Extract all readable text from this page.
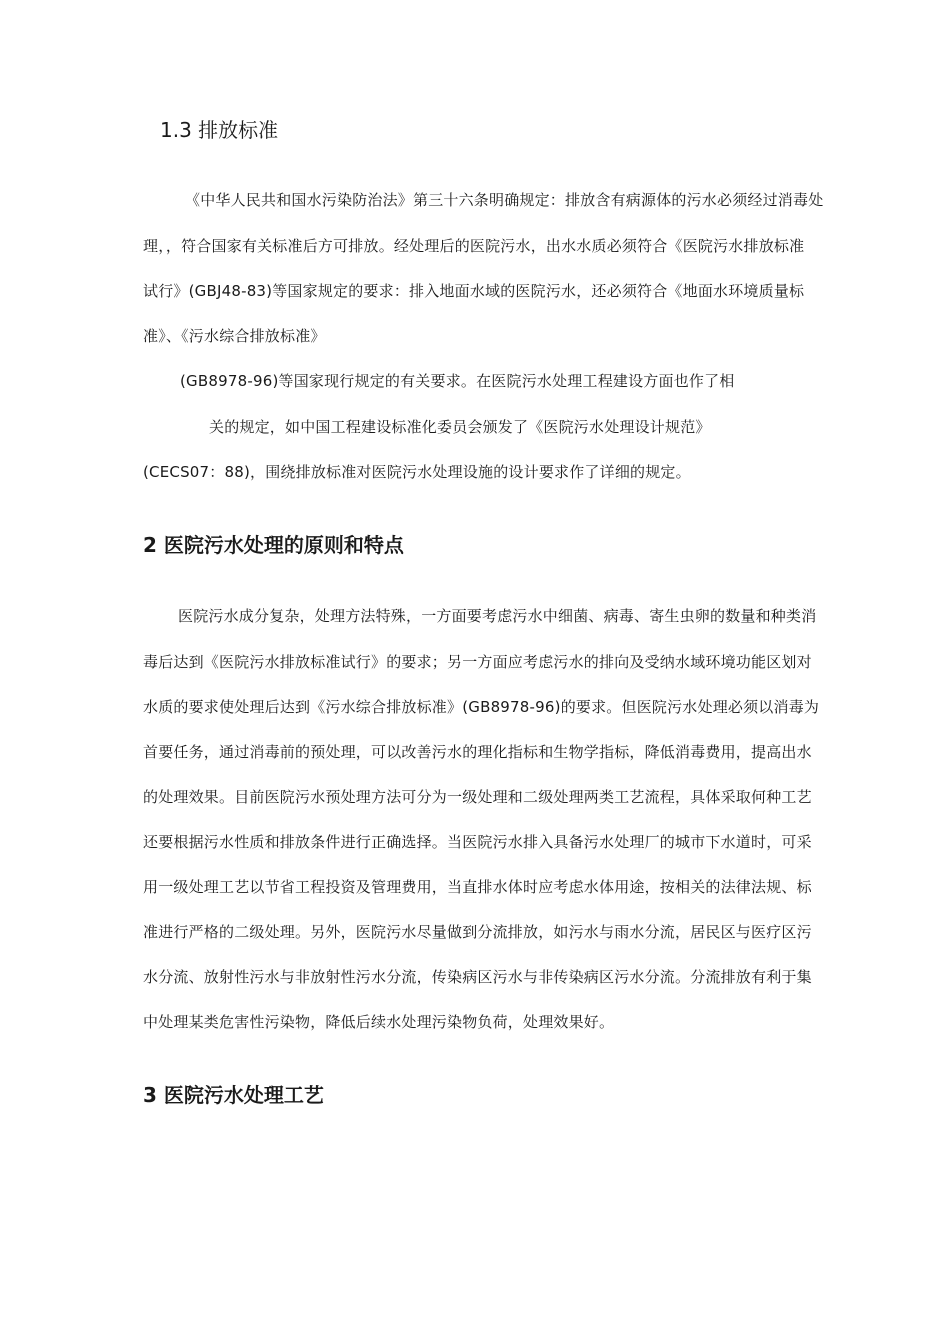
1.3 排放标准
《中华人民共和国水污染防治法》第三十六条明确规定：排放含有病源体的污水必须经过消毒处
理，，符合国家有关标准后方可排放。经处理后的医院污水，出水水质必须符合《医院污水排放标准
试行》(GBJ48-83)等国家规定的要求：排入地面水域的医院污水，还必须符合《地面水环境质量标
准》、《污水综合排放标准》
(GB8978-96)等国家现行规定的有关要求。在医院污水处理工程建设方面也作了相
关的规定，如中国工程建设标准化委员会颁发了《医院污水处理设计规范》
(CECS07：88)，围绕排放标准对医院污水处理设施的设计要求作了详细的规定。
2 医院污水处理的原则和特点
医院污水成分复杂，处理方法特殊，一方面要考虑污水中细菌、病毒、寄生虫卵的数量和种类消
毒后达到《医院污水排放标准试行》的要求；另一方面应考虑污水的排向及受纳水域环境功能区划对
水质的要求使处理后达到《污水综合排放标准》(GB8978-96)的要求。但医院污水处理必须以消毒为
首要任务，通过消毒前的预处理，可以改善污水的理化指标和生物学指标，降低消毒费用，提高出水
的处理效果。目前医院污水预处理方法可分为一级处理和二级处理两类工艺流程，具体采取何种工艺
还要根据污水性质和排放条件进行正确选择。当医院污水排入具备污水处理厂的城市下水道时，可采
用一级处理工艺以节省工程投资及管理费用，当直排水体时应考虑水体用途，按相关的法律法规、标
准进行严格的二级处理。另外，医院污水尽量做到分流排放，如污水与雨水分流，居民区与医疗区污
水分流、放射性污水与非放射性污水分流，传染病区污水与非传染病区污水分流。分流排放有利于集
中处理某类危害性污染物，降低后续水处理污染物负荷，处理效果好。
3 医院污水处理工艺
